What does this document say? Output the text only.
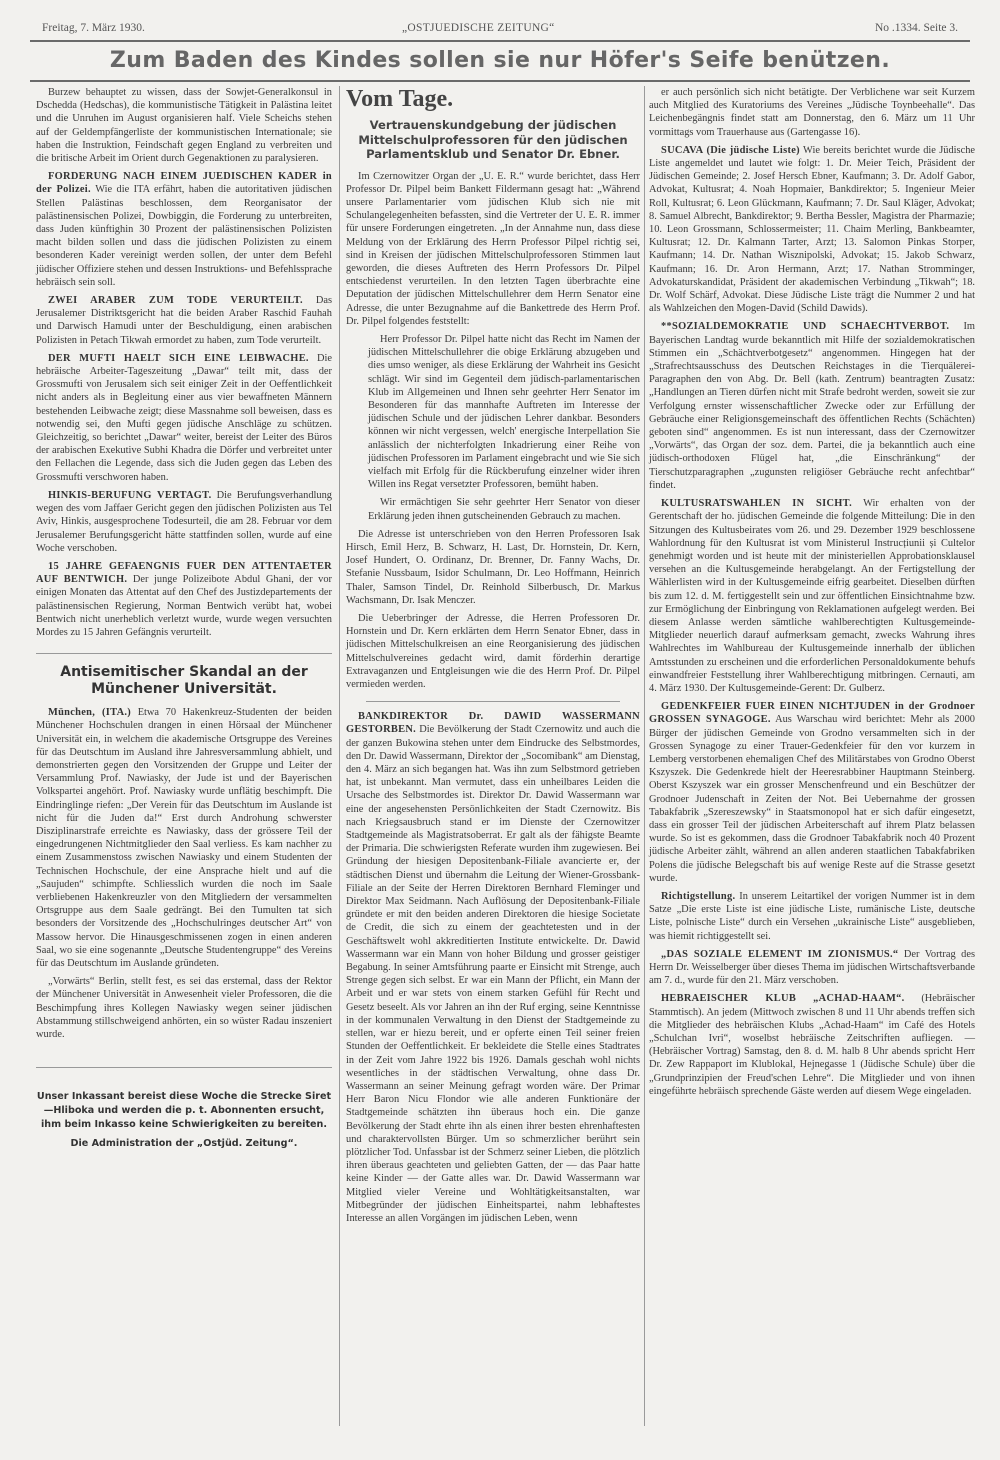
Freitag, 7. März 1930.	„OSTJUEDISCHE ZEITUNG“	No .1334. Seite 3.
Zum Baden des Kindes sollen sie nur Höfer's Seife benützen.

Burzew behauptet zu wissen, dass der Sowjet-Generalkonsul in Dschedda (Hedschas), die kommunistische Tätigkeit in Palästina leitet und die Unruhen im August organisieren half. Viele Scheichs stehen auf der Geldempfängerliste der kommunistischen Internationale; sie haben die Instruktion, Feindschaft gegen England zu verbreiten und die britische Arbeit im Orient durch Gegenaktionen zu paralysieren.

FORDERUNG NACH EINEM JUEDISCHEN KADER in der Polizei. Wie die ITA erfährt, haben die autoritativen jüdischen Stellen Palästinas beschlossen, dem Reorganisator der palästinensischen Polizei, Dowbiggin, die Forderung zu unterbreiten, dass Juden künftighin 30 Prozent der palästinensischen Polizisten macht bilden sollen und dass die jüdischen Polizisten zu einem besonderen Kader vereinigt werden sollen, der unter dem Befehl jüdischer Offiziere stehen und dessen Instruktions- und Befehlssprache hebräisch sein soll.

ZWEI ARABER ZUM TODE VERURTEILT. Das Jerusalemer Distriktsgericht hat die beiden Araber Raschid Fauhah und Darwisch Hamudi unter der Beschuldigung, einen arabischen Polizisten in Petach Tikwah ermordet zu haben, zum Tode verurteilt.

DER MUFTI HAELT SICH EINE LEIBWACHE. Die hebräische Arbeiter-Tageszeitung „Dawar“ teilt mit, dass der Grossmufti von Jerusalem sich seit einiger Zeit in der Oeffentlichkeit nicht anders als in Begleitung einer aus vier bewaffneten Männern bestehenden Leibwache zeigt; diese Massnahme soll beweisen, dass es notwendig sei, den Mufti gegen jüdische Anschläge zu schützen. Gleichzeitig, so berichtet „Dawar“ weiter, bereist der Leiter des Büros der arabischen Exekutive Subhi Khadra die Dörfer und verbreitet unter den Fellachen die Legende, dass sich die Juden gegen das Leben des Grossmufti verschworen haben.

HINKIS-BERUFUNG VERTAGT. Die Berufungsverhandlung wegen des vom Jaffaer Gericht gegen den jüdischen Polizisten aus Tel Aviv, Hinkis, ausgesprochene Todesurteil, die am 28. Februar vor dem Jerusalemer Berufungsgericht hätte stattfinden sollen, wurde auf eine Woche verschoben.

15 JAHRE GEFAENGNIS FUER DEN ATTENTAETER AUF BENTWICH. Der junge Polizeibote Abdul Ghani, der vor einigen Monaten das Attentat auf den Chef des Justizdepartements der palästinensischen Regierung, Norman Bentwich verübt hat, wobei Bentwich nicht unerheblich verletzt wurde, wurde wegen versuchten Mordes zu 15 Jahren Gefängnis verurteilt.

Antisemitischer Skandal an der Münchener Universität.

München, (ITA.) Etwa 70 Hakenkreuz-Studenten der beiden Münchener Hochschulen drangen in einen Hörsaal der Münchener Universität ein, in welchem die akademische Ortsgruppe des Vereines für das Deutschtum im Ausland ihre Jahresversammlung abhielt, und demonstrierten gegen den Vorsitzenden der Gruppe und Leiter der Versammlung Prof. Nawiasky, der Jude ist und der Bayerischen Volkspartei angehört. Prof. Nawiasky wurde unflätig beschimpft. Die Eindringlinge riefen: „Der Verein für das Deutschtum im Auslande ist nicht für die Juden da!“ Erst durch Androhung schwerster Disziplinarstrafe erreichte es Nawiasky, dass der grössere Teil der eingedrungenen Nichtmitglieder den Saal verliess. Es kam nachher zu einem Zusammenstoss zwischen Nawiasky und einem Studenten der Technischen Hochschule, der eine Ansprache hielt und auf die „Saujuden“ schimpfte. Schliesslich wurden die noch im Saale verbliebenen Hakenkreuzler von den Mitgliedern der versammelten Ortsgruppe aus dem Saale gedrängt. Bei den Tumulten tat sich besonders der Vorsitzende des „Hochschulringes deutscher Art“ von Massow hervor. Die Hinausgeschmissenen zogen in einen anderen Saal, wo sie eine sogenannte „Deutsche Studentengruppe“ des Vereins für das Deutschtum im Auslande gründeten.

„Vorwärts“ Berlin, stellt fest, es sei das erstemal, dass der Rektor der Münchener Universität in Anwesenheit vieler Professoren, die die Beschimpfung ihres Kollegen Nawiasky wegen seiner jüdischen Abstammung stillschweigend anhörten, ein so wüster Radau inszeniert wurde.

Unser Inkassant bereist diese Woche die Strecke Siret—Hliboka und werden die p. t. Abonnenten ersucht, ihm beim Inkasso keine Schwierigkeiten zu bereiten.

Die Administration der „Ostjüd. Zeitung“.

Vom Tage.
Vertrauenskundgebung der jüdischen Mittelschulprofessoren für den jüdischen Parlamentsklub und Senator Dr. Ebner.

Im Czernowitzer Organ der „U. E. R.“ wurde berichtet, dass Herr Professor Dr. Pilpel beim Bankett Fildermann gesagt hat: „Während unsere Parlamentarier vom jüdischen Klub sich nie mit Schulangelegenheiten befassten, sind die Vertreter der U. E. R. immer für unsere Forderungen eingetreten. „In der Annahme nun, dass diese Meldung von der Erklärung des Herrn Professor Pilpel richtig sei, sind in Kreisen der jüdischen Mittelschulprofessoren Stimmen laut geworden, die dieses Auftreten des Herrn Professors Dr. Pilpel entschiedenst verurteilen. In den letzten Tagen überbrachte eine Deputation der jüdischen Mittelschullehrer dem Herrn Senator eine Adresse, die unter Bezugnahme auf die Bankettrede des Herrn Prof. Dr. Pilpel folgendes feststellt:

Herr Professor Dr. Pilpel hatte nicht das Recht im Namen der jüdischen Mittelschullehrer die obige Erklärung abzugeben und dies umso weniger, als diese Erklärung der Wahrheit ins Gesicht schlägt. Wir sind im Gegenteil dem jüdisch-parlamentarischen Klub im Allgemeinen und Ihnen sehr geehrter Herr Senator im Besonderen für das mannhafte Auftreten im Interesse der jüdischen Schule und der jüdischen Lehrer dankbar. Besonders können wir nicht vergessen, welch' energische Interpellation Sie anlässlich der nichterfolgten Inkadrierung einer Reihe von jüdischen Professoren im Parlament eingebracht und wie Sie sich vielfach mit Erfolg für die Rückberufung einzelner wider ihren Willen ins Regat versetzter Professoren, bemüht haben.

Wir ermächtigen Sie sehr geehrter Herr Senator von dieser Erklärung jeden ihnen gutscheinenden Gebrauch zu machen.

Die Adresse ist unterschrieben von den Herren Professoren Isak Hirsch, Emil Herz, B. Schwarz, H. Last, Dr. Hornstein, Dr. Kern, Josef Hundert, O. Ordinanz, Dr. Brenner, Dr. Fanny Wachs, Dr. Stefanie Nussbaum, Isidor Schulmann, Dr. Leo Hoffmann, Heinrich Thaler, Samson Tindel, Dr. Reinhold Silberbusch, Dr. Markus Wachsmann, Dr. Isak Menczer.

Die Ueberbringer der Adresse, die Herren Professoren Dr. Hornstein und Dr. Kern erklärten dem Herrn Senator Ebner, dass in jüdischen Mittelschulkreisen an eine Reorganisierung des jüdischen Mittelschulvereines gedacht wird, damit förderhin derartige Extravaganzen und Entgleisungen wie die des Herrn Prof. Dr. Pilpel vermieden werden.

BANKDIREKTOR Dr. DAWID WASSERMANN GESTORBEN. Die Bevölkerung der Stadt Czernowitz und auch die der ganzen Bukowina stehen unter dem Eindrucke des Selbstmordes, den Dr. Dawid Wassermann, Direktor der „Socomibank“ am Dienstag, den 4. März an sich begangen hat. Was ihn zum Selbstmord getrieben hat, ist unbekannt. Man vermutet, dass ein unheilbares Leiden die Ursache des Selbstmordes ist. Direktor Dr. Dawid Wassermann war eine der angesehensten Persönlichkeiten der Stadt Czernowitz. Bis nach Kriegsausbruch stand er im Dienste der Czernowitzer Stadtgemeinde als Magistratsoberrat. Er galt als der fähigste Beamte der Primaria. Die schwierigsten Referate wurden ihm zugewiesen. Bei Gründung der hiesigen Depositenbank-Filiale avancierte er, der städtischen Dienst und übernahm die Leitung der Wiener-Grossbank-Filiale an der Seite der Herren Direktoren Bernhard Fleminger und Direktor Max Seidmann. Nach Auflösung der Depositenbank-Filiale gründete er mit den beiden anderen Direktoren die hiesige Societate de Credit, die sich zu einem der geachtetesten und in der Geschäftswelt wohl akkreditierten Institute entwickelte. Dr. Dawid Wassermann war ein Mann von hoher Bildung und grosser geistiger Begabung. In seiner Amtsführung paarte er Einsicht mit Strenge, auch Strenge gegen sich selbst. Er war ein Mann der Pflicht, ein Mann der Arbeit und er war stets von einem starken Gefühl für Recht und Gesetz beseelt. Als vor Jahren an ihn der Ruf erging, seine Kenntnisse in der kommunalen Verwaltung in den Dienst der Stadtgemeinde zu stellen, war er hiezu bereit, und er opferte einen Teil seiner freien Stunden der Oeffentlichkeit. Er bekleidete die Stelle eines Stadtrates in der Zeit vom Jahre 1922 bis 1926. Damals geschah wohl nichts wesentliches in der städtischen Verwaltung, ohne dass Dr. Wassermann an seiner Meinung gefragt worden wäre. Der Primar Herr Baron Nicu Flondor wie alle anderen Funktionäre der Stadtgemeinde schätzten ihn überaus hoch ein. Die ganze Bevölkerung der Stadt ehrte ihn als einen ihrer besten ehrenhaftesten und charaktervollsten Bürger. Um so schmerzlicher berührt sein plötzlicher Tod. Unfassbar ist der Schmerz seiner Lieben, die plötzlich ihren überaus geachteten und geliebten Gatten, der — das Paar hatte keine Kinder — der Gatte alles war. Dr. Dawid Wassermann war Mitglied vieler Vereine und Wohltätigkeitsanstalten, war Mitbegründer der jüdischen Einheitspartei, nahm lebhaftestes Interesse an allen Vorgängen im jüdischen Leben, wenn

er auch persönlich sich nicht betätigte. Der Verblichene war seit Kurzem auch Mitglied des Kuratoriums des Vereines „Jüdische Toynbeehalle“. Das Leichenbegängnis findet statt am Donnerstag, den 6. März um 11 Uhr vormittags vom Trauerhause aus (Gartengasse 16).

SUCAVA (Die jüdische Liste) Wie bereits berichtet wurde die Jüdische Liste angemeldet und lautet wie folgt: 1. Dr. Meier Teich, Präsident der Jüdischen Gemeinde; 2. Josef Hersch Ebner, Kaufmann; 3. Dr. Adolf Gabor, Advokat, Kultusrat; 4. Noah Hopmaier, Bankdirektor; 5. Ingenieur Meier Roll, Kultusrat; 6. Leon Glückmann, Kaufmann; 7. Dr. Saul Kläger, Advokat; 8. Samuel Albrecht, Bankdirektor; 9. Bertha Bessler, Magistra der Pharmazie; 10. Leon Grossmann, Schlossermeister; 11. Chaim Merling, Bankbeamter, Kultusrat; 12. Dr. Kalmann Tarter, Arzt; 13. Salomon Pinkas Storper, Kaufmann; 14. Dr. Nathan Wisznipolski, Advokat; 15. Jakob Schwarz, Kaufmann; 16. Dr. Aron Hermann, Arzt; 17. Nathan Stromminger, Advokaturskandidat, Präsident der akademischen Verbindung „Tikwah“; 18. Dr. Wolf Schärf, Advokat. Diese Jüdische Liste trägt die Nummer 2 und hat als Wahlzeichen den Mogen-David (Schild Dawids).

**SOZIALDEMOKRATIE UND SCHAECHTVERBOT. Im Bayerischen Landtag wurde bekanntlich mit Hilfe der sozialdemokratischen Stimmen ein „Schächtverbotgesetz“ angenommen. Hingegen hat der „Strafrechtsausschuss des Deutschen Reichstages in die Tierquälerei-Paragraphen den von Abg. Dr. Bell (kath. Zentrum) beantragten Zusatz: „Handlungen an Tieren dürfen nicht mit Strafe bedroht werden, soweit sie zur Verfolgung ernster wissenschaftlicher Zwecke oder zur Erfüllung der Gebräuche einer Religionsgemeinschaft des öffentlichen Rechts (Schächten) geboten sind“ angenommen. Es ist nun interessant, dass der Czernowitzer „Vorwärts“, das Organ der soz. dem. Partei, die ja bekanntlich auch eine jüdisch-orthodoxen Flügel hat, „die Einschränkung“ der Tierschutzparagraphen „zugunsten religiöser Gebräuche recht anfechtbar“ findet.

KULTUSRATSWAHLEN IN SICHT. Wir erhalten von der Gerentschaft der ho. jüdischen Gemeinde die folgende Mitteilung: Die in den Sitzungen des Kultusbeirates vom 26. und 29. Dezember 1929 beschlossene Wahlordnung für den Kultusrat ist vom Ministerul Instrucțiunii și Cultelor genehmigt worden und ist heute mit der ministeriellen Approbationsklausel versehen an die Kultusgemeinde herabgelangt. An der Fertigstellung der Wählerlisten wird in der Kultusgemeinde eifrig gearbeitet. Dieselben dürften bis zum 12. d. M. fertiggestellt sein und zur öffentlichen Einsichtnahme bzw. zur Ermöglichung der Einbringung von Reklamationen aufgelegt werden. Bei diesem Anlasse werden sämtliche wahlberechtigten Kultusgemeinde-Mitglieder neuerlich darauf aufmerksam gemacht, zwecks Wahrung ihres Wahlrechtes im Wahlbureau der Kultusgemeinde innerhalb der üblichen Amtsstunden zu erscheinen und die erforderlichen Personaldokumente behufs einwandfreier Feststellung ihrer Wahlberechtigung mitbringen. Cernauti, am 4. März 1930. Der Kultusgemeinde-Gerent: Dr. Gulberz.

GEDENKFEIER FUER EINEN NICHTJUDEN in der Grodnoer GROSSEN SYNAGOGE. Aus Warschau wird berichtet: Mehr als 2000 Bürger der jüdischen Gemeinde von Grodno versammelten sich in der Grossen Synagoge zu einer Trauer-Gedenkfeier für den vor kurzem in Lemberg verstorbenen ehemaligen Chef des Militärstabes von Grodno Oberst Kszyszek. Die Gedenkrede hielt der Heeresrabbiner Hauptmann Steinberg. Oberst Kszyszek war ein grosser Menschenfreund und ein Beschützer der Grodnoer Judenschaft in Zeiten der Not. Bei Uebernahme der grossen Tabakfabrik „Szereszewsky“ in Staatsmonopol hat er sich dafür eingesetzt, dass ein grosser Teil der jüdischen Arbeiterschaft auf ihrem Platz belassen wurde. So ist es gekommen, dass die Grodnoer Tabakfabrik noch 40 Prozent jüdische Arbeiter zählt, während an allen anderen staatlichen Tabakfabriken Polens die jüdische Belegschaft bis auf wenige Reste auf die Strasse gesetzt wurde.

Richtigstellung. In unserem Leitartikel der vorigen Nummer ist in dem Satze „Die erste Liste ist eine jüdische Liste, rumänische Liste, deutsche Liste, polnische Liste“ durch ein Versehen „ukrainische Liste“ ausgeblieben, was hiemit richtiggestellt sei.

„DAS SOZIALE ELEMENT IM ZIONISMUS.“ Der Vortrag des Herrn Dr. Weisselberger über dieses Thema im jüdischen Wirtschaftsverbande am 7. d., wurde für den 21. März verschoben.

HEBRAEISCHER KLUB „ACHAD-HAAM“. (Hebräischer Stammtisch). An jedem (Mittwoch zwischen 8 und 11 Uhr abends treffen sich die Mitglieder des hebräischen Klubs „Achad-Haam“ im Café des Hotels „Schulchan Ivri“, woselbst hebräische Zeitschriften aufliegen. — (Hebräischer Vortrag) Samstag, den 8. d. M. halb 8 Uhr abends spricht Herr Dr. Zew Rappaport im Klublokal, Hejnegasse 1 (Jüdische Schule) über die „Grundprinzipien der Freud'schen Lehre“. Die Mitglieder und von ihnen eingeführte hebräisch sprechende Gäste werden auf diesem Wege eingeladen.
